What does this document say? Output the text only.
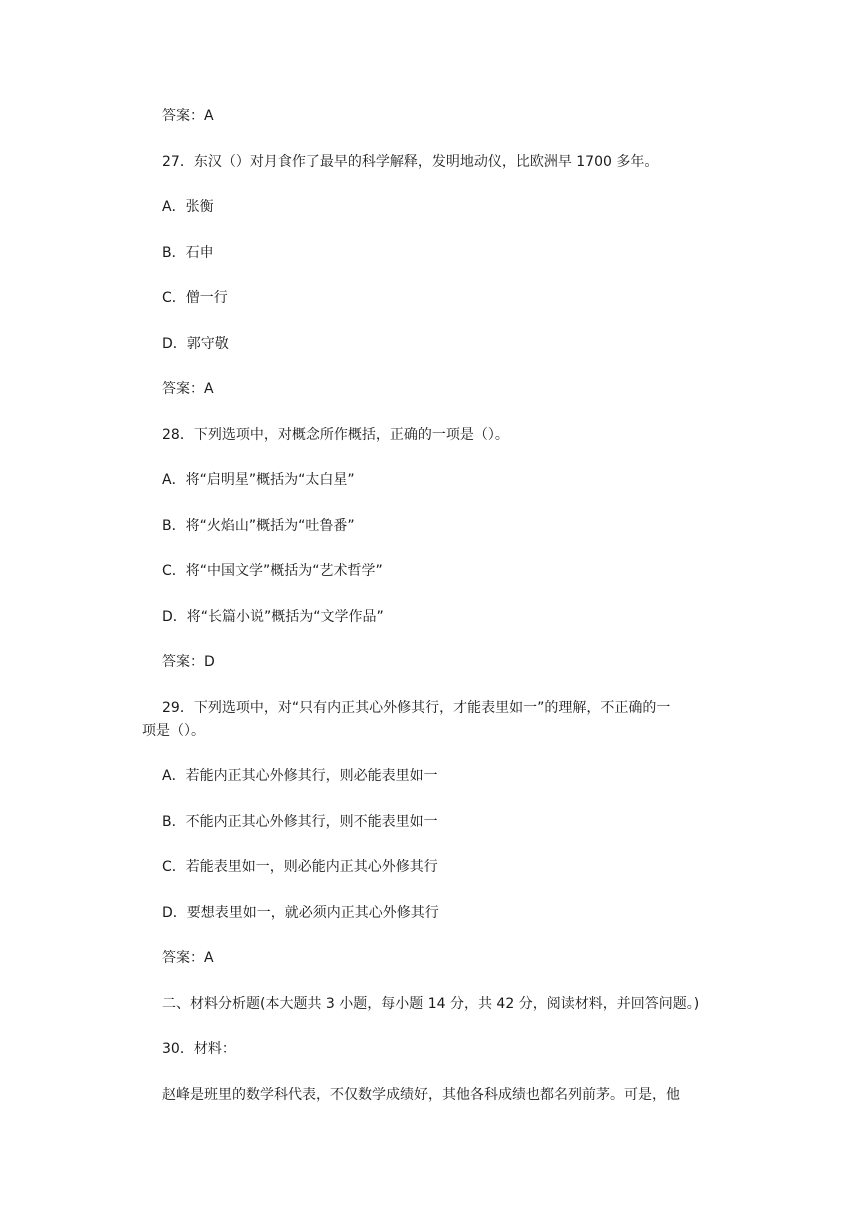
答案：A
27．东汉（）对月食作了最早的科学解释，发明地动仪，比欧洲早 1700 多年。
A．张衡
B．石申
C．僧一行
D．郭守敬
答案：A
28．下列选项中，对概念所作概括，正确的一项是（）。
A．将“启明星”概括为“太白星”
B．将“火焰山”概括为“吐鲁番”
C．将“中国文学”概括为“艺术哲学”
D．将“长篇小说”概括为“文学作品”
答案：D
29．下列选项中，对“只有内正其心外修其行，才能表里如一”的理解，不正确的一
项是（）。
A．若能内正其心外修其行，则必能表里如一
B．不能内正其心外修其行，则不能表里如一
C．若能表里如一，则必能内正其心外修其行
D．要想表里如一，就必须内正其心外修其行
答案：A
二、材料分析题(本大题共 3 小题，每小题 14 分，共 42 分，阅读材料，并回答问题。)
30．材料：
赵峰是班里的数学科代表，不仅数学成绩好，其他各科成绩也都名列前茅。可是，他
